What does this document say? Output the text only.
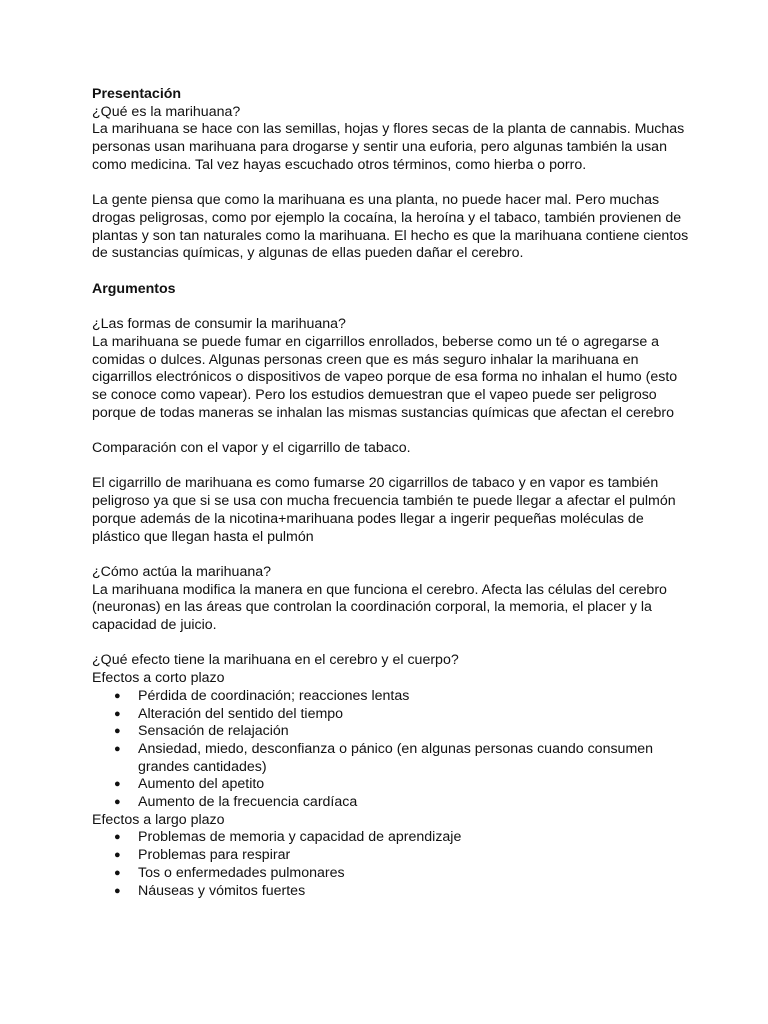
Presentación

¿Qué es la marihuana?

La marihuana se hace con las semillas, hojas y flores secas de la planta de cannabis. Muchas personas usan marihuana para drogarse y sentir una euforia, pero algunas también la usan como medicina. Tal vez hayas escuchado otros términos, como hierba o porro.

La gente piensa que como la marihuana es una planta, no puede hacer mal. Pero muchas drogas peligrosas, como por ejemplo la cocaína, la heroína y el tabaco, también provienen de plantas y son tan naturales como la marihuana. El hecho es que la marihuana contiene cientos de sustancias químicas, y algunas de ellas pueden dañar el cerebro.

Argumentos

¿Las formas de consumir la marihuana?

La marihuana se puede fumar en cigarrillos enrollados, beberse como un té o agregarse a comidas o dulces. Algunas personas creen que es más seguro inhalar la marihuana en cigarrillos electrónicos o dispositivos de vapeo porque de esa forma no inhalan el humo (esto se conoce como vapear). Pero los estudios demuestran que el vapeo puede ser peligroso porque de todas maneras se inhalan las mismas sustancias químicas que afectan el cerebro

Comparación con el vapor y el cigarrillo de tabaco.

El cigarrillo de marihuana es como fumarse 20 cigarrillos de tabaco y en vapor es también peligroso ya que si se usa con mucha frecuencia también te puede llegar a afectar el pulmón porque además de la nicotina+marihuana podes llegar a ingerir pequeñas moléculas de plástico que llegan hasta el pulmón

¿Cómo actúa la marihuana?

La marihuana modifica la manera en que funciona el cerebro. Afecta las células del cerebro (neuronas) en las áreas que controlan la coordinación corporal, la memoria, el placer y la capacidad de juicio.

¿Qué efecto tiene la marihuana en el cerebro y el cuerpo?

Efectos a corto plazo

● Pérdida de coordinación; reacciones lentas
● Alteración del sentido del tiempo
● Sensación de relajación
● Ansiedad, miedo, desconfianza o pánico (en algunas personas cuando consumen grandes cantidades)
● Aumento del apetito
● Aumento de la frecuencia cardíaca

Efectos a largo plazo

● Problemas de memoria y capacidad de aprendizaje
● Problemas para respirar
● Tos o enfermedades pulmonares
● Náuseas y vómitos fuertes
